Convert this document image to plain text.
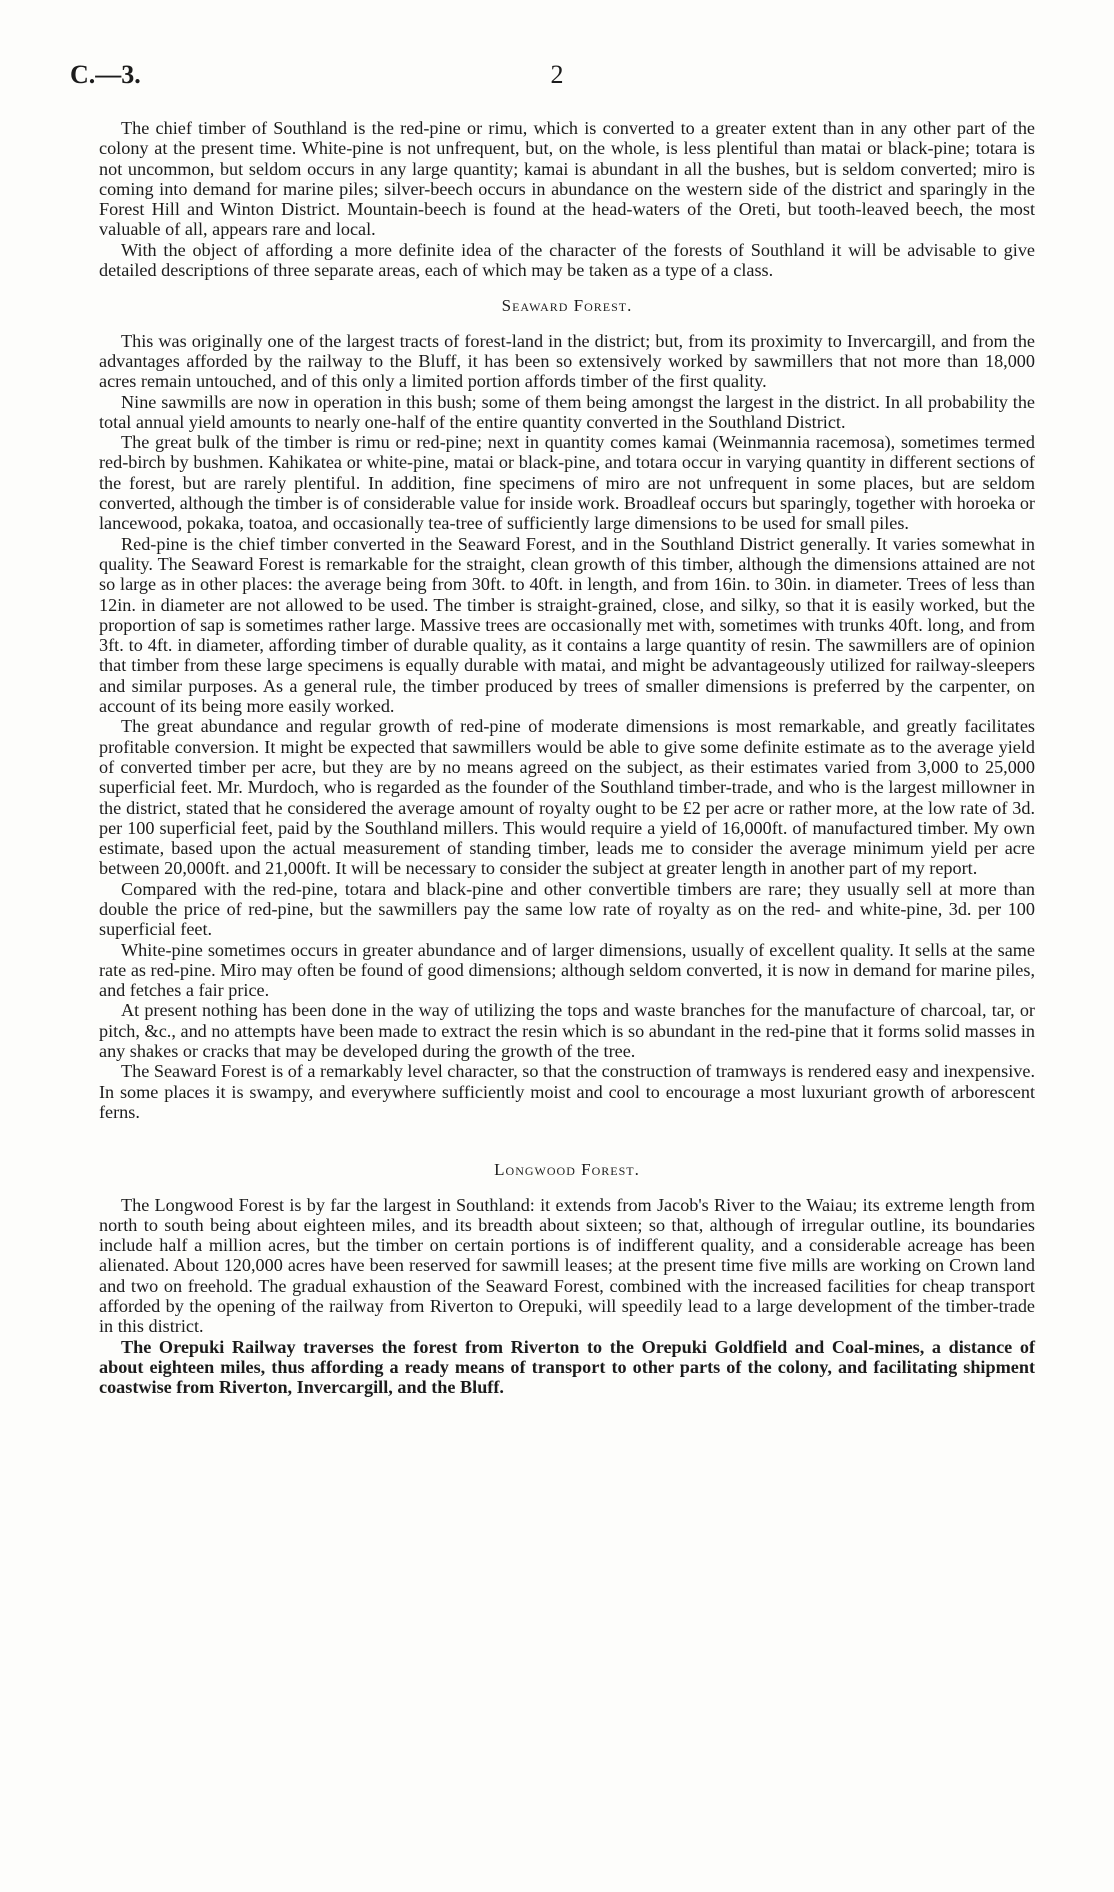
C.—3.	2

The chief timber of Southland is the red-pine or rimu, which is converted to a greater extent than in any other part of the colony at the present time. White-pine is not unfrequent, but, on the whole, is less plentiful than matai or black-pine; totara is not uncommon, but seldom occurs in any large quantity; kamai is abundant in all the bushes, but is seldom converted; miro is coming into demand for marine piles; silver-beech occurs in abundance on the western side of the district and sparingly in the Forest Hill and Winton District. Mountain-beech is found at the head-waters of the Oreti, but tooth-leaved beech, the most valuable of all, appears rare and local.

With the object of affording a more definite idea of the character of the forests of Southland it will be advisable to give detailed descriptions of three separate areas, each of which may be taken as a type of a class.

Seaward Forest.

This was originally one of the largest tracts of forest-land in the district; but, from its proximity to Invercargill, and from the advantages afforded by the railway to the Bluff, it has been so extensively worked by sawmillers that not more than 18,000 acres remain untouched, and of this only a limited portion affords timber of the first quality.

Nine sawmills are now in operation in this bush; some of them being amongst the largest in the district. In all probability the total annual yield amounts to nearly one-half of the entire quantity converted in the Southland District.

The great bulk of the timber is rimu or red-pine; next in quantity comes kamai (Weinmannia racemosa), sometimes termed red-birch by bushmen. Kahikatea or white-pine, matai or black-pine, and totara occur in varying quantity in different sections of the forest, but are rarely plentiful. In addition, fine specimens of miro are not unfrequent in some places, but are seldom converted, although the timber is of considerable value for inside work. Broadleaf occurs but sparingly, together with horoeka or lancewood, pokaka, toatoa, and occasionally tea-tree of sufficiently large dimensions to be used for small piles.

Red-pine is the chief timber converted in the Seaward Forest, and in the Southland District generally. It varies somewhat in quality. The Seaward Forest is remarkable for the straight, clean growth of this timber, although the dimensions attained are not so large as in other places: the average being from 30ft. to 40ft. in length, and from 16in. to 30in. in diameter. Trees of less than 12in. in diameter are not allowed to be used. The timber is straight-grained, close, and silky, so that it is easily worked, but the proportion of sap is sometimes rather large. Massive trees are occasionally met with, sometimes with trunks 40ft. long, and from 3ft. to 4ft. in diameter, affording timber of durable quality, as it contains a large quantity of resin. The sawmillers are of opinion that timber from these large specimens is equally durable with matai, and might be advantageously utilized for railway-sleepers and similar purposes. As a general rule, the timber produced by trees of smaller dimensions is preferred by the carpenter, on account of its being more easily worked.

The great abundance and regular growth of red-pine of moderate dimensions is most remarkable, and greatly facilitates profitable conversion. It might be expected that sawmillers would be able to give some definite estimate as to the average yield of converted timber per acre, but they are by no means agreed on the subject, as their estimates varied from 3,000 to 25,000 superficial feet. Mr. Murdoch, who is regarded as the founder of the Southland timber-trade, and who is the largest millowner in the district, stated that he considered the average amount of royalty ought to be £2 per acre or rather more, at the low rate of 3d. per 100 superficial feet, paid by the Southland millers. This would require a yield of 16,000ft. of manufactured timber. My own estimate, based upon the actual measurement of standing timber, leads me to consider the average minimum yield per acre between 20,000ft. and 21,000ft. It will be necessary to consider the subject at greater length in another part of my report.

Compared with the red-pine, totara and black-pine and other convertible timbers are rare; they usually sell at more than double the price of red-pine, but the sawmillers pay the same low rate of royalty as on the red- and white-pine, 3d. per 100 superficial feet.

White-pine sometimes occurs in greater abundance and of larger dimensions, usually of excellent quality. It sells at the same rate as red-pine. Miro may often be found of good dimensions; although seldom converted, it is now in demand for marine piles, and fetches a fair price.

At present nothing has been done in the way of utilizing the tops and waste branches for the manufacture of charcoal, tar, or pitch, &c., and no attempts have been made to extract the resin which is so abundant in the red-pine that it forms solid masses in any shakes or cracks that may be developed during the growth of the tree.

The Seaward Forest is of a remarkably level character, so that the construction of tramways is rendered easy and inexpensive. In some places it is swampy, and everywhere sufficiently moist and cool to encourage a most luxuriant growth of arborescent ferns.

Longwood Forest.

The Longwood Forest is by far the largest in Southland: it extends from Jacob's River to the Waiau; its extreme length from north to south being about eighteen miles, and its breadth about sixteen; so that, although of irregular outline, its boundaries include half a million acres, but the timber on certain portions is of indifferent quality, and a considerable acreage has been alienated. About 120,000 acres have been reserved for sawmill leases; at the present time five mills are working on Crown land and two on freehold. The gradual exhaustion of the Seaward Forest, combined with the increased facilities for cheap transport afforded by the opening of the railway from Riverton to Orepuki, will speedily lead to a large development of the timber-trade in this district.

The Orepuki Railway traverses the forest from Riverton to the Orepuki Goldfield and Coal-mines, a distance of about eighteen miles, thus affording a ready means of transport to other parts of the colony, and facilitating shipment coastwise from Riverton, Invercargill, and the Bluff.
